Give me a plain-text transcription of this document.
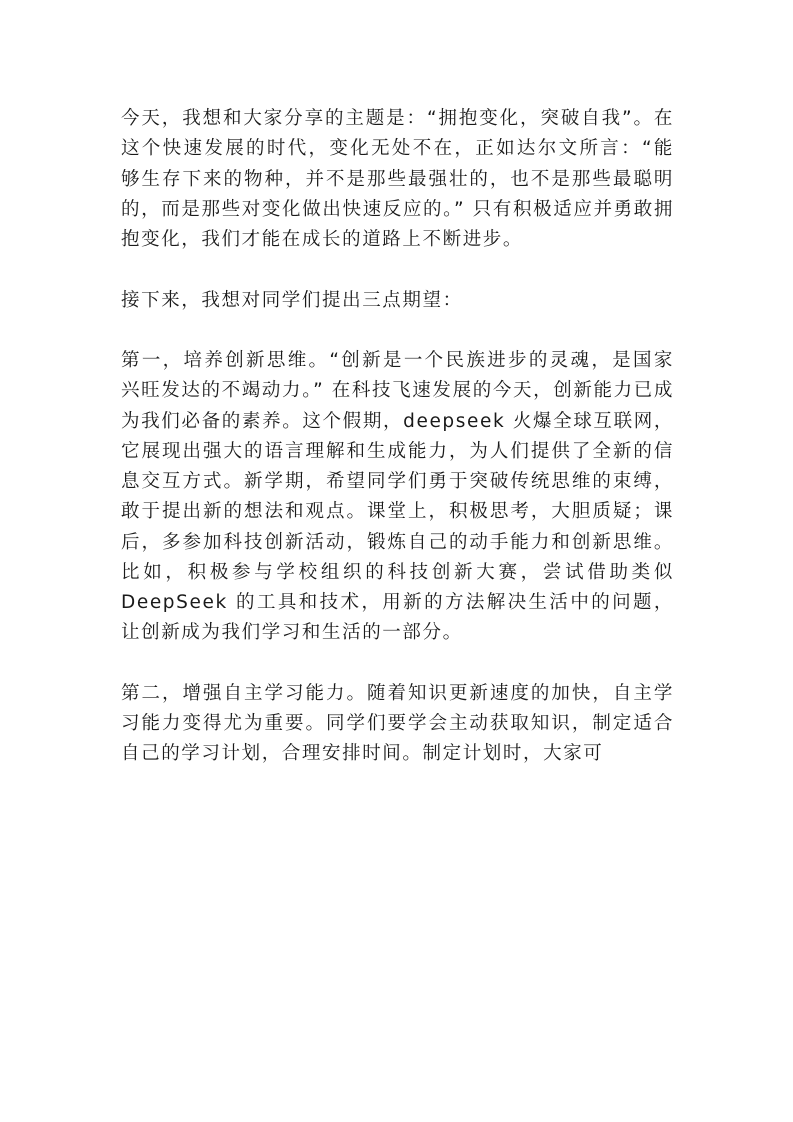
今天，我想和大家分享的主题是：“拥抱变化，突破自我”。在这个快速发展的时代，变化无处不在，正如达尔文所言：“能够生存下来的物种，并不是那些最强壮的，也不是那些最聪明的，而是那些对变化做出快速反应的。” 只有积极适应并勇敢拥抱变化，我们才能在成长的道路上不断进步。

接下来，我想对同学们提出三点期望：

第一，培养创新思维。“创新是一个民族进步的灵魂，是国家兴旺发达的不竭动力。” 在科技飞速发展的今天，创新能力已成为我们必备的素养。这个假期，deepseek 火爆全球互联网，它展现出强大的语言理解和生成能力，为人们提供了全新的信息交互方式。新学期，希望同学们勇于突破传统思维的束缚，敢于提出新的想法和观点。课堂上，积极思考，大胆质疑；课后，多参加科技创新活动，锻炼自己的动手能力和创新思维。比如，积极参与学校组织的科技创新大赛，尝试借助类似 DeepSeek 的工具和技术，用新的方法解决生活中的问题，让创新成为我们学习和生活的一部分。

第二，增强自主学习能力。随着知识更新速度的加快，自主学习能力变得尤为重要。同学们要学会主动获取知识，制定适合自己的学习计划，合理安排时间。制定计划时，大家可
